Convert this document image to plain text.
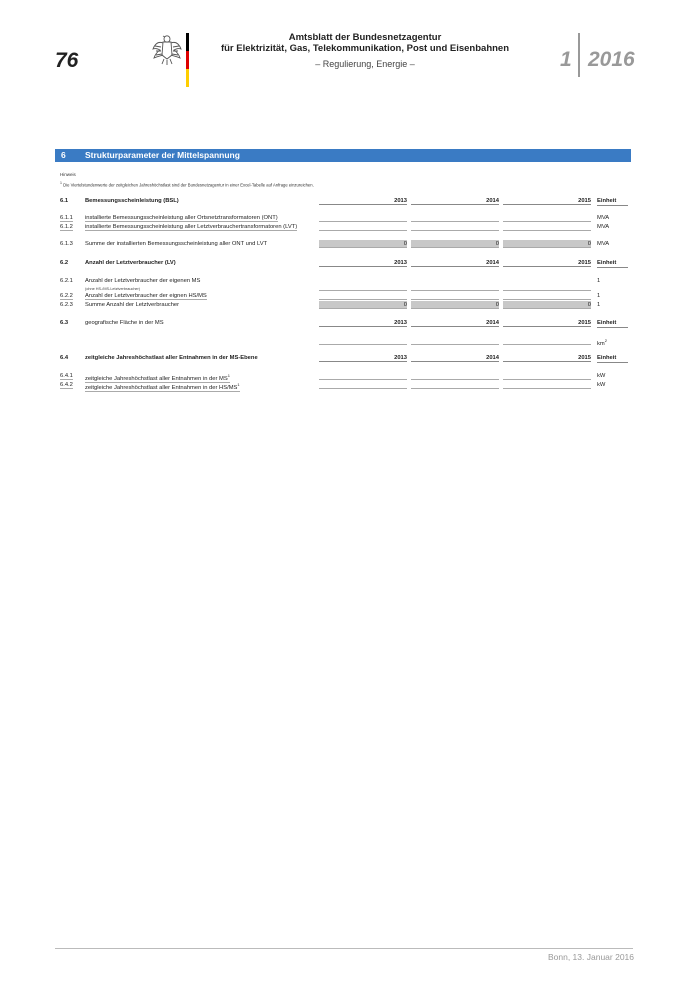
76
Amtsblatt der Bundesnetzagentur
für Elektrizität, Gas, Telekommunikation, Post und Eisenbahnen
– Regulierung, Energie –	1 2016
6 Strukturparameter der Mittelspannung
Hinweis
$^1$ Die Viertelstundenwerte der zeitgleichen Jahreshöchstlast sind der Bundesnetzagentur in einer Excel-Tabelle auf Anfrage einzureichen.
6.1	Bemessungsscheinleistung (BSL)	2013	2014	2015 Einheit
6.1.1 installierte Bemessungsscheinleistung aller Ortsnetztransformatoren (ONT)	MVA
6.1.2 installierte Bemessungsscheinleistung aller Letztverbrauchertransformatoren (LVT)	MVA
6.1.3 Summe der installierten Bemessungsscheinleistung aller ONT und LVT	0	0	0 MVA
6.2	Anzahl der Letztverbraucher (LV)	2013	2014	2015 Einheit
6.2.1 Anzahl der Letztverbraucher der eigenen MS	1
(ohne HS-/MS-Letztverbraucher)
6.2.2 Anzahl der Letztverbraucher der eignen HS/MS	1
6.2.3 Summe Anzahl der Letztverbraucher	0	0	0 1
6.3	geografische Fläche in der MS	2013	2014	2015 Einheit
$km^2$
6.4	zeitgleiche Jahreshöchstlast aller Entnahmen in der MS-Ebene	2013	2014	2015 Einheit
6.4.1 zeitgleiche Jahreshöchstlast aller Entnahmen in der $MS^1$	kW
6.4.2 zeitgleiche Jahreshöchstlast aller Entnahmen in der $HS/MS^1$	kW
Bonn, 13. Januar 2016
